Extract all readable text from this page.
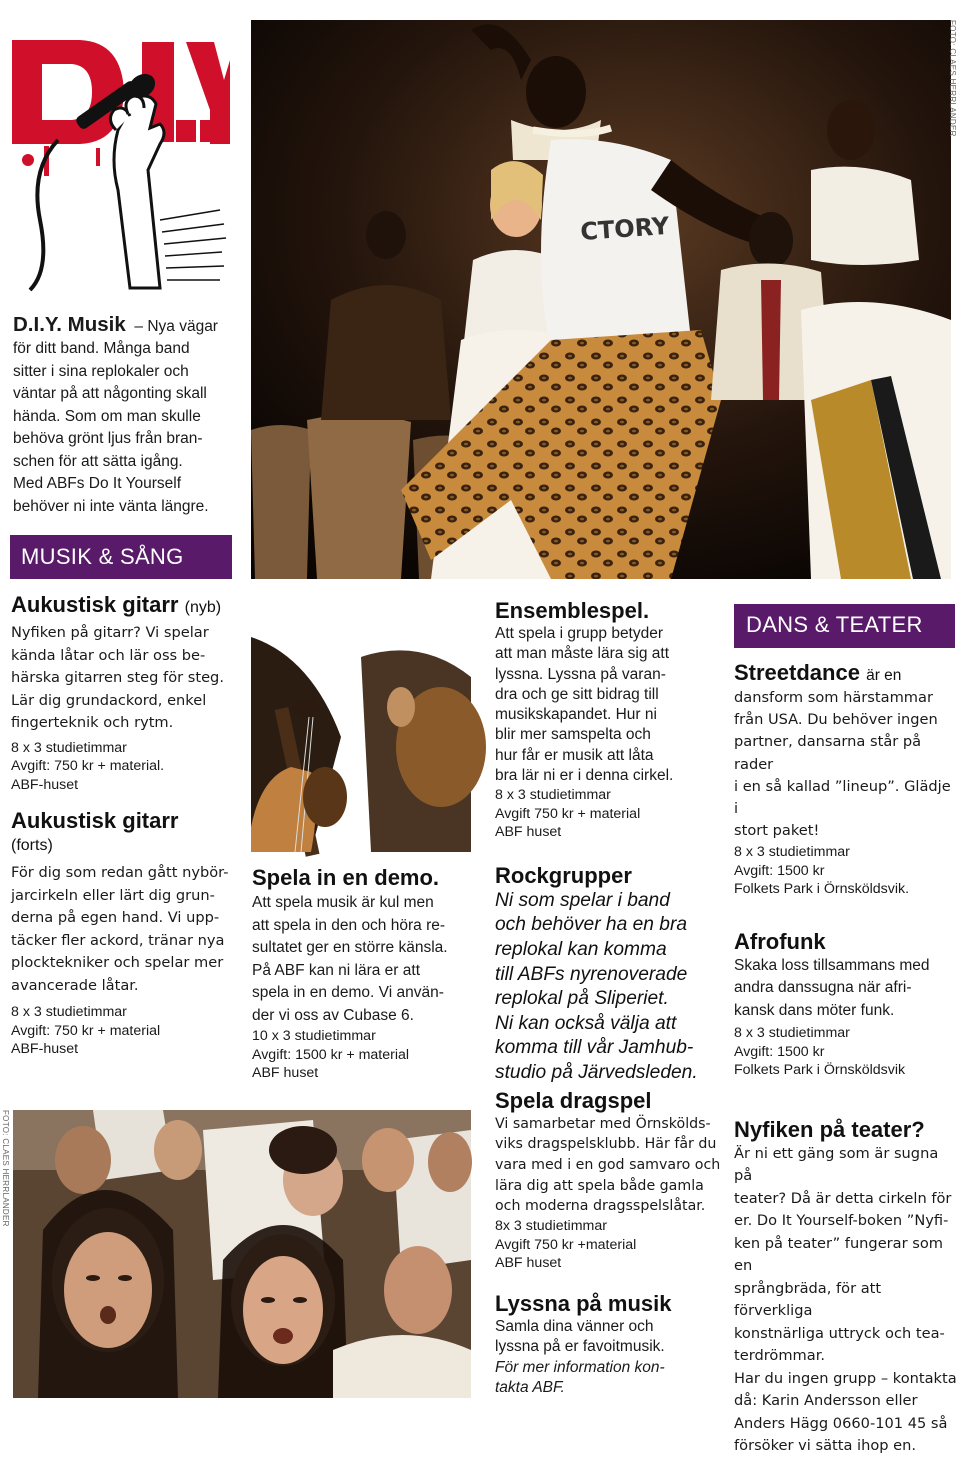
CTORY
FOTO: CLAES HERRLANDER
D.I.Y. Musik  – Nya vägar
för ditt band. Många band
sitter i sina replokaler och
väntar på att någonting skall
hända. Som om man skulle
behöva grönt ljus från bran-
schen för att sätta igång.
Med ABFs Do It Yourself
behöver ni inte vänta längre.
MUSIK & SÅNG
Aukustisk gitarr (nyb)
Nyfiken på gitarr? Vi spelar
kända låtar och lär oss be-
härska gitarren steg för steg.
Lär dig grundackord, enkel
fingerteknik och rytm.
8 x 3 studietimmar
Avgift: 750 kr + material.
ABF-huset
Aukustisk gitarr
(forts)
För dig som redan gått nybör-
jarcirkeln eller lärt dig grun-
derna på egen hand. Vi upp-
täcker fler ackord, tränar nya
plocktekniker och spelar mer
avancerade låtar.
8 x 3 studietimmar
Avgift: 750 kr + material
ABF-huset
Spela in en demo.
Att spela musik är kul men
att spela in den och höra re-
sultatet ger en större känsla.
På ABF kan ni lära er att
spela in en demo. Vi använ-
der vi oss av Cubase 6.
10 x 3 studietimmar
Avgift: 1500 kr + material
ABF huset
FOTO: CLAES HERRLANDER
Ensemblespel.
Att spela i grupp betyder
att man måste lära sig att
lyssna. Lyssna på varan-
dra och ge sitt bidrag till
musikskapandet. Hur ni
blir mer samspelta och
hur får er musik att låta
bra lär ni er i denna cirkel.
8 x 3 studietimmar
Avgift 750 kr + material
ABF huset
Rockgrupper
Ni som spelar i band
och behöver ha en bra
replokal kan komma
till ABFs nyrenoverade
replokal på Sliperiet.
Ni kan också välja att
komma till vår Jamhub-
studio på Järvedsleden.
Spela dragspel
Vi samarbetar med Örnskölds-
viks dragspelsklubb. Här får du
vara med i en god samvaro och
lära dig att spela både gamla
och moderna dragsspelslåtar.
8x 3 studietimmar
Avgift 750 kr +material
ABF huset
Lyssna på musik
Samla dina vänner och
lyssna på er favoitmusik.
För mer information kon-
takta ABF.
DANS & TEATER
Streetdance är en
dansform som härstammar
från USA. Du behöver ingen
partner, dansarna står på rader
i en så kallad ”lineup”. Glädje i
stort paket!
8 x 3 studietimmar
Avgift: 1500 kr
Folkets Park i Örnsköldsvik.
Afrofunk
Skaka loss tillsammans med
andra danssugna när afri-
kansk dans möter funk.
8 x 3 studietimmar
Avgift: 1500 kr
Folkets Park i Örnsköldsvik
Nyfiken på teater?
Är ni ett gäng som är sugna på
teater? Då är detta cirkeln för
er. Do It Yourself-boken ”Nyfi-
ken på teater” fungerar som en
språngbräda, för att förverkliga
konstnärliga uttryck och tea-
terdrömmar.
Har du ingen grupp – kontakta
då: Karin Andersson eller
Anders Hägg 0660-101 45 så
försöker vi sätta ihop en.
